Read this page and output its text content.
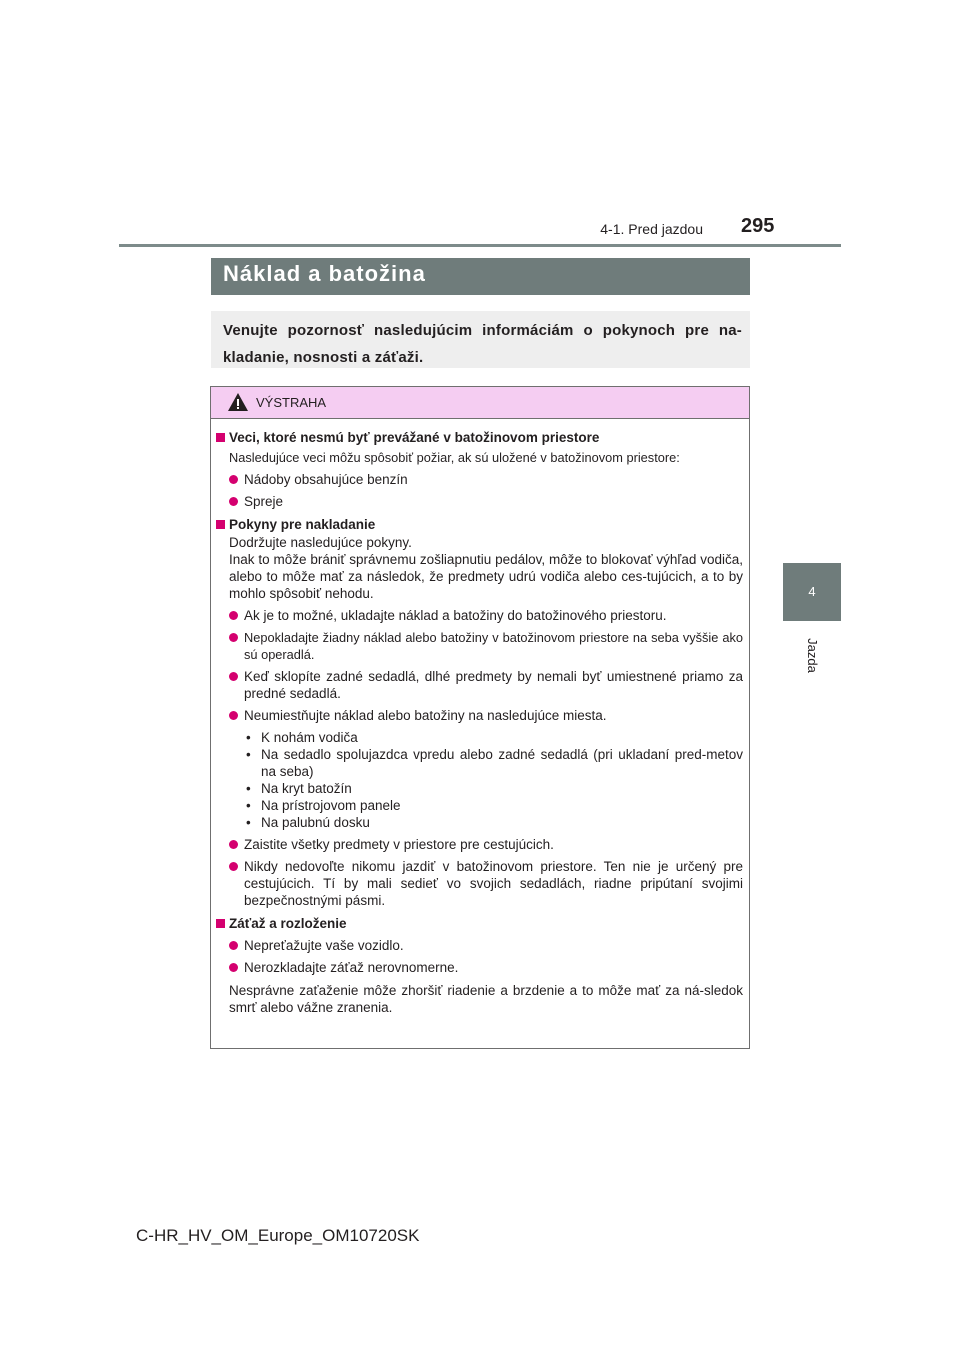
4-1. Pred jazdou 295
4
Jazda
Náklad a batožina
Venujte pozornosť nasledujúcim informáciám o pokynoch pre na-kladanie, nosnosti a záťaži.
VÝSTRAHA
Veci, ktoré nesmú byť prevážané v batožinovom priestore
Nasledujúce veci môžu spôsobiť požiar, ak sú uložené v batožinovom priestore:
Nádoby obsahujúce benzín
Spreje
Pokyny pre nakladanie
Dodržujte nasledujúce pokyny.
Inak to môže brániť správnemu zošliapnutiu pedálov, môže to blokovať výhľad vodiča, alebo to môže mať za následok, že predmety udrú vodiča alebo ces-tujúcich, a to by mohlo spôsobiť nehodu.
Ak je to možné, ukladajte náklad a batožiny do batožinového priestoru.
Nepokladajte žiadny náklad alebo batožiny v batožinovom priestore na seba vyššie ako sú operadlá.
Keď sklopíte zadné sedadlá, dlhé predmety by nemali byť umiestnené priamo za predné sedadlá.
Neumiestňujte náklad alebo batožiny na nasledujúce miesta.
• K nohám vodiča
• Na sedadlo spolujazdca vpredu alebo zadné sedadlá (pri ukladaní pred-metov na seba)
• Na kryt batožín
• Na prístrojovom panele
• Na palubnú dosku
Zaistite všetky predmety v priestore pre cestujúcich.
Nikdy nedovoľte nikomu jazdiť v batožinovom priestore. Ten nie je určený pre cestujúcich. Tí by mali sedieť vo svojich sedadlách, riadne pripútaní svojimi bezpečnostnými pásmi.
Záťaž a rozloženie
Nepreťažujte vaše vozidlo.
Nerozkladajte záťaž nerovnomerne.
Nesprávne zaťaženie môže zhoršiť riadenie a brzdenie a to môže mať za ná-sledok smrť alebo vážne zranenia.
C-HR_HV_OM_Europe_OM10720SK
